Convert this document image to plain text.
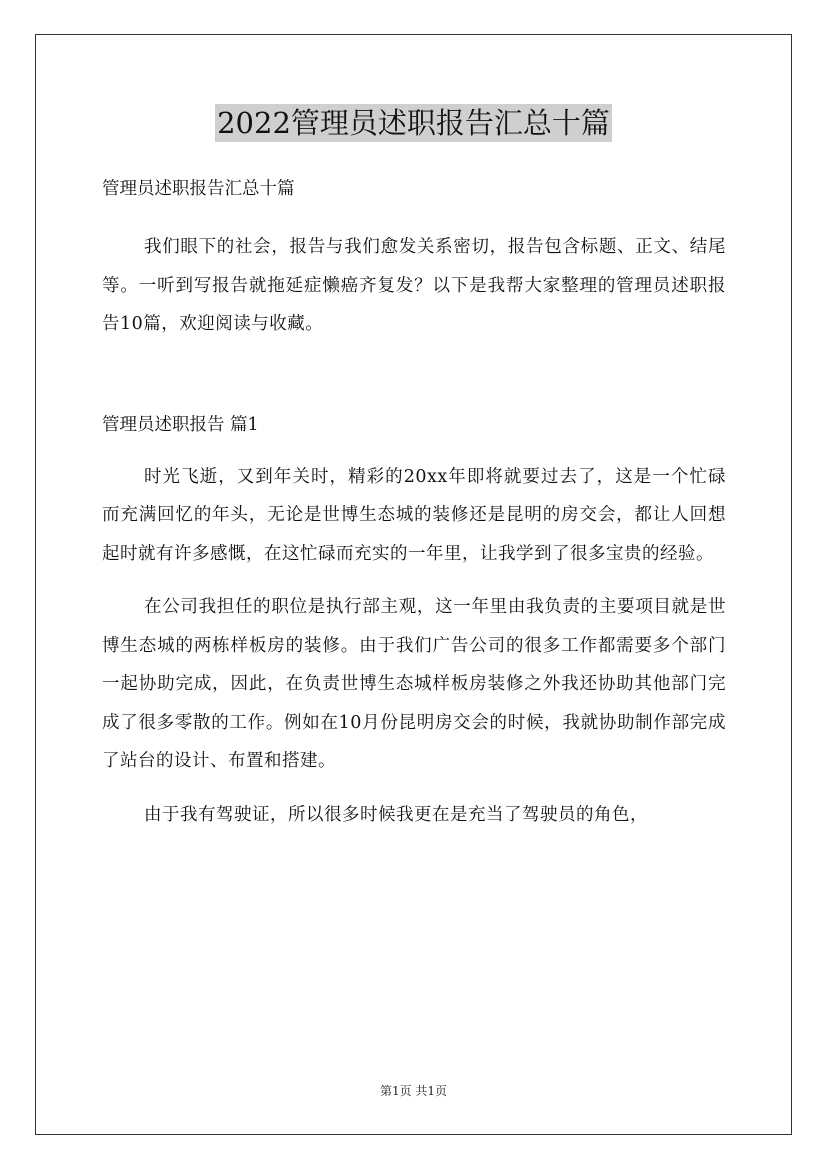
2022管理员述职报告汇总十篇

管理员述职报告汇总十篇

我们眼下的社会，报告与我们愈发关系密切，报告包含标题、正文、结尾等。一听到写报告就拖延症懒癌齐复发？以下是我帮大家整理的管理员述职报告10篇，欢迎阅读与收藏。

管理员述职报告 篇1

时光飞逝，又到年关时，精彩的20xx年即将就要过去了，这是一个忙碌而充满回忆的年头，无论是世博生态城的装修还是昆明的房交会，都让人回想起时就有许多感慨，在这忙碌而充实的一年里，让我学到了很多宝贵的经验。

在公司我担任的职位是执行部主观，这一年里由我负责的主要项目就是世博生态城的两栋样板房的装修。由于我们广告公司的很多工作都需要多个部门一起协助完成，因此，在负责世博生态城样板房装修之外我还协助其他部门完成了很多零散的工作。例如在10月份昆明房交会的时候，我就协助制作部完成了站台的设计、布置和搭建。

由于我有驾驶证，所以很多时候我更在是充当了驾驶员的角色，

第1页 共1页
